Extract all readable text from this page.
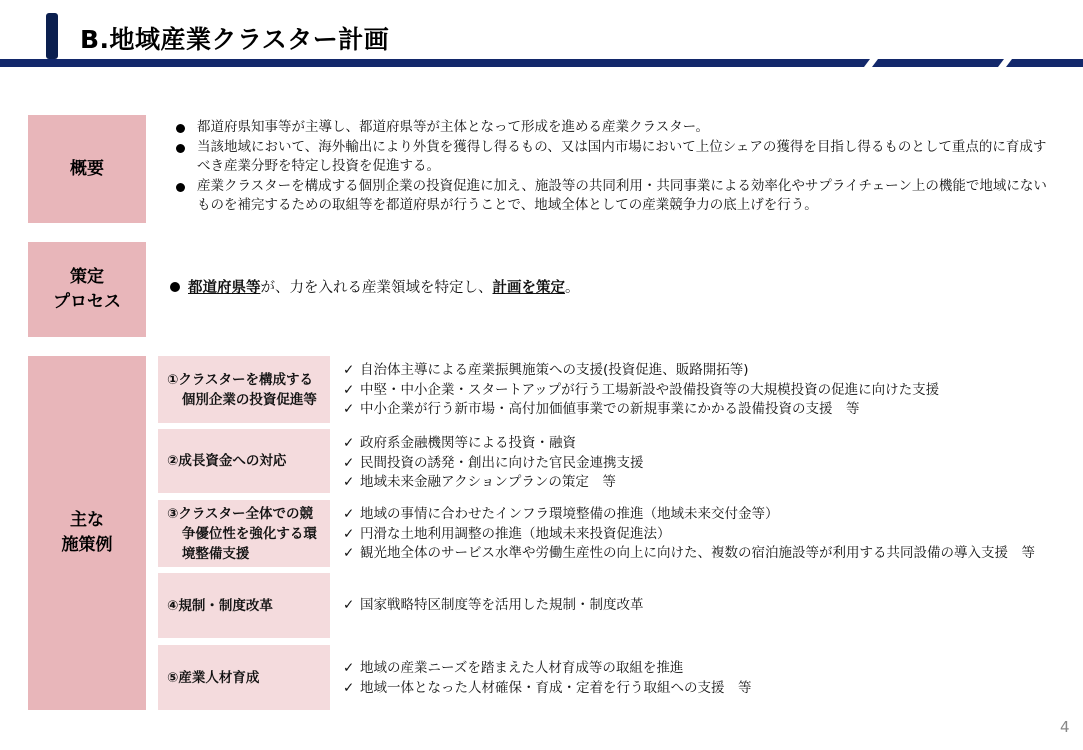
B.地域産業クラスター計画
概要
都道府県知事等が主導し、都道府県等が主体となって形成を進める産業クラスター。
当該地域において、海外輸出により外貨を獲得し得るもの、又は国内市場において上位シェアの獲得を目指し得るものとして重点的に育成すべき産業分野を特定し投資を促進する。
産業クラスターを構成する個別企業の投資促進に加え、施設等の共同利用・共同事業による効率化やサプライチェーン上の機能で地域にないものを補完するための取組等を都道府県が行うことで、地域全体としての産業競争力の底上げを行う。
策定
プロセス
都道府県等 が、力を入れる産業領域を特定し、 計画を策定 。
主な
施策例
①クラスターを構成する個別企業の投資促進等
✓ 自治体主導による産業振興施策への支援(投資促進、販路開拓等)
✓ 中堅・中小企業・スタートアップが行う工場新設や設備投資等の大規模投資の促進に向けた支援
✓ 中小企業が行う新市場・高付加価値事業での新規事業にかかる設備投資の支援　等
②成長資金への対応
✓ 政府系金融機関等による投資・融資
✓ 民間投資の誘発・創出に向けた官民金連携支援
✓ 地域未来金融アクションプランの策定　等
③クラスター全体での競争優位性を強化する環境整備支援
✓ 地域の事情に合わせたインフラ環境整備の推進（地域未来交付金等）
✓ 円滑な土地利用調整の推進（地域未来投資促進法）
✓ 観光地全体のサービス水準や労働生産性の向上に向けた、複数の宿泊施設等が利用する共同設備の導入支援　等
④規制・制度改革	✓ 国家戦略特区制度等を活用した規制・制度改革
⑤産業人材育成
✓ 地域の産業ニーズを踏まえた人材育成等の取組を推進
✓ 地域一体となった人材確保・育成・定着を行う取組への支援　等
4
